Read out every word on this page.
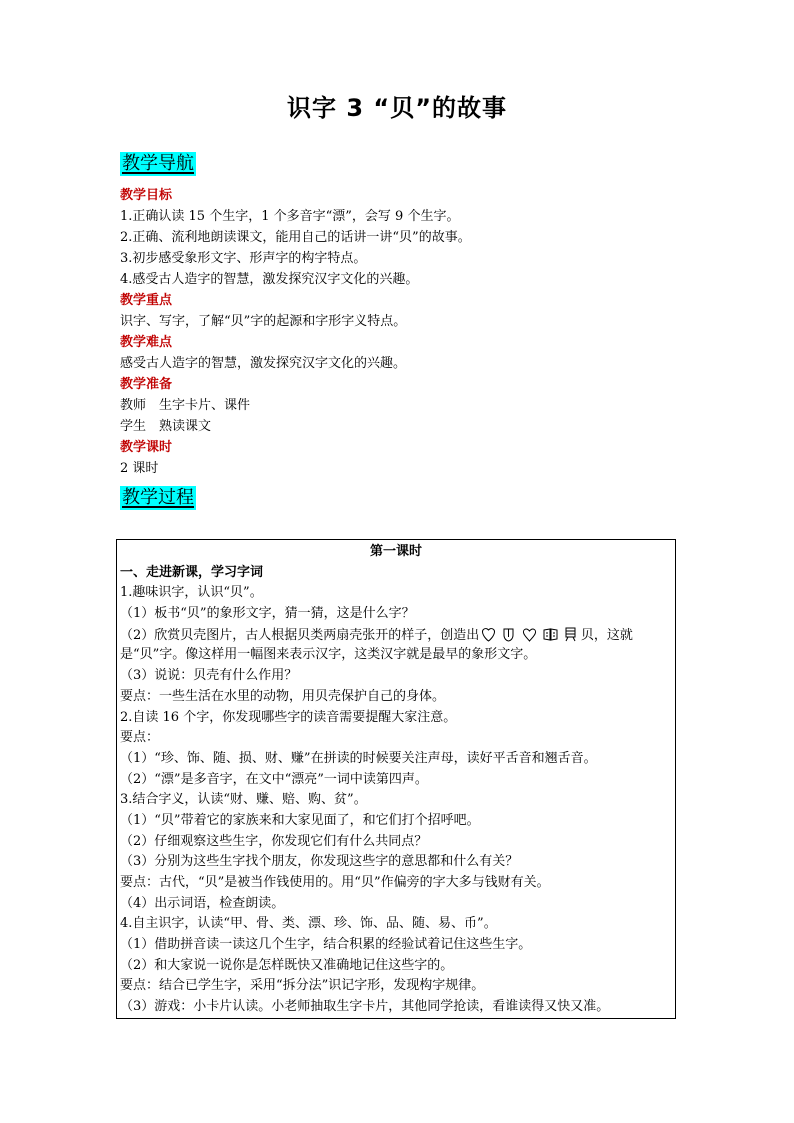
识字 3 “贝”的故事
教学导航
教学目标
1.正确认读 15 个生字，1 个多音字“漂”，会写 9 个生字。
2.正确、流利地朗读课文，能用自己的话讲一讲“贝”的故事。
3.初步感受象形文字、形声字的构字特点。
4.感受古人造字的智慧，激发探究汉字文化的兴趣。
教学重点
识字、写字，了解“贝”字的起源和字形字义特点。
教学难点
感受古人造字的智慧，激发探究汉字文化的兴趣。
教学准备
教师　生字卡片、课件
学生　熟读课文
教学课时
2 课时
教学过程
第一课时
一、走进新课，学习字词
1.趣味识字，认识“贝”。
（1）板书“贝”的象形文字，猜一猜，这是什么字？
（2）欣赏贝壳图片，古人根据贝类两扇壳张开的样子，创造出	贝，这就
是“贝”字。像这样用一幅图来表示汉字，这类汉字就是最早的象形文字。
（3）说说：贝壳有什么作用？
要点：一些生活在水里的动物，用贝壳保护自己的身体。
2.自读 16 个字，你发现哪些字的读音需要提醒大家注意。
要点：
（1）“珍、饰、随、损、财、赚”在拼读的时候要关注声母，读好平舌音和翘舌音。
（2）“漂”是多音字，在文中“漂亮”一词中读第四声。
3.结合字义，认读“财、赚、赔、购、贫”。
（1）“贝”带着它的家族来和大家见面了，和它们打个招呼吧。
（2）仔细观察这些生字，你发现它们有什么共同点？
（3）分别为这些生字找个朋友，你发现这些字的意思都和什么有关？
要点：古代，“贝”是被当作钱使用的。用“贝”作偏旁的字大多与钱财有关。
（4）出示词语，检查朗读。
4.自主识字，认读“甲、骨、类、漂、珍、饰、品、随、易、币”。
（1）借助拼音读一读这几个生字，结合积累的经验试着记住这些生字。
（2）和大家说一说你是怎样既快又准确地记住这些字的。
要点：结合已学生字，采用“拆分法”识记字形，发现构字规律。
（3）游戏：小卡片认读。小老师抽取生字卡片，其他同学抢读，看谁读得又快又准。
